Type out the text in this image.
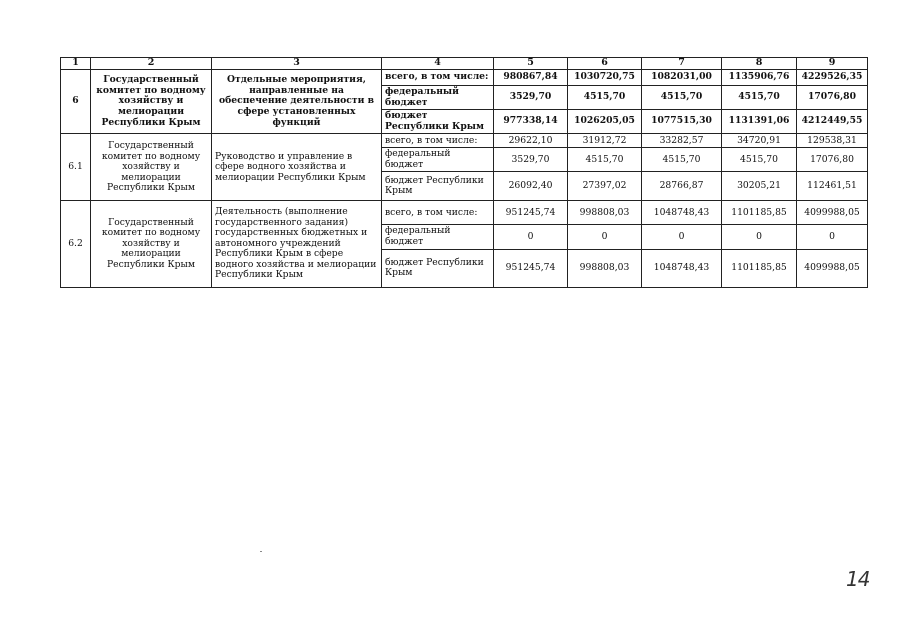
1	2	3	4	5	6	7	8	9
6	Государственный комитет по водному хозяйству и мелиорации Республики Крым	Отдельные мероприятия, направленные на обеспечение деятельности в сфере установленных функций	всего, в том числе:	980867,84	1030720,75	1082031,00	1135906,76	4229526,35
			федеральный бюджет	3529,70	4515,70	4515,70	4515,70	17076,80
			бюджет Республики Крым	977338,14	1026205,05	1077515,30	1131391,06	4212449,55
6.1	Государственный комитет по водному хозяйству и мелиорации Республики Крым	Руководство и управление в сфере водного хозяйства и мелиорации Республики Крым	всего, в том числе:	29622,10	31912,72	33282,57	34720,91	129538,31
			федеральный бюджет	3529,70	4515,70	4515,70	4515,70	17076,80
			бюджет Республики Крым	26092,40	27397,02	28766,87	30205,21	112461,51
6.2	Государственный комитет по водному хозяйству и мелиорации Республики Крым	Деятельность (выполнение государственного задания) государственных бюджетных и автономного учреждений Республики Крым в сфере водного хозяйства и мелиорации Республики Крым	всего, в том числе:	951245,74	998808,03	1048748,43	1101185,85	4099988,05
			федеральный бюджет	0	0	0	0	0
			бюджет Республики Крым	951245,74	998808,03	1048748,43	1101185,85	4099988,05
14
